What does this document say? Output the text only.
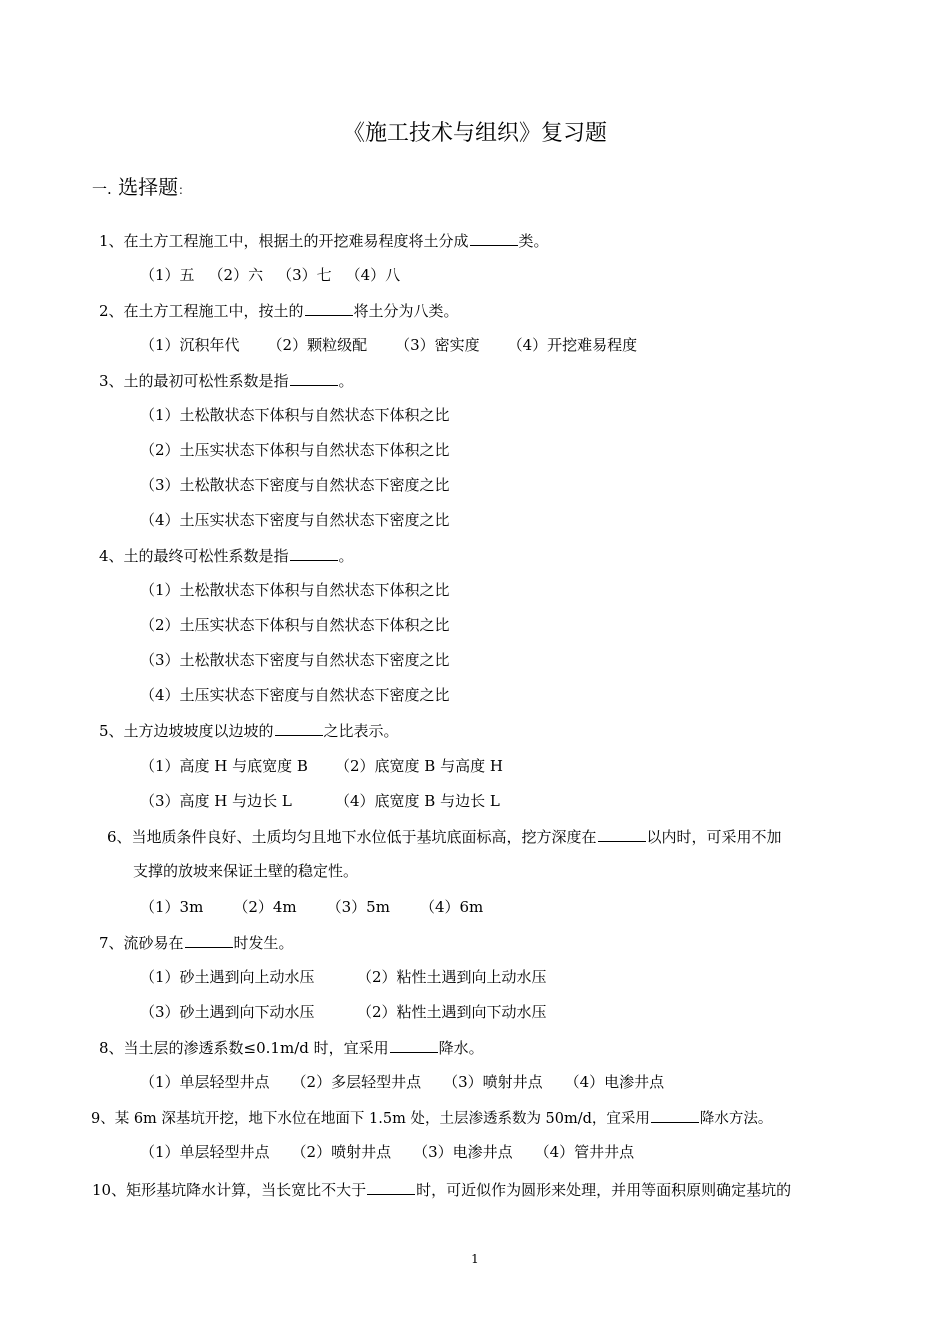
《施工技术与组织》复习题
一. 选择题：
1、在土方工程施工中，根据土的开挖难易程度将土分成	类。
（1）五 （2）六 （3）七 （4）八
2、在土方工程施工中，按土的	将土分为八类。
（1）沉积年代 （2）颗粒级配 （3）密实度 （4）开挖难易程度
3、土的最初可松性系数是指	。
（1）土松散状态下体积与自然状态下体积之比
（2）土压实状态下体积与自然状态下体积之比
（3）土松散状态下密度与自然状态下密度之比
（4）土压实状态下密度与自然状态下密度之比
4、土的最终可松性系数是指	。
（1）土松散状态下体积与自然状态下体积之比
（2）土压实状态下体积与自然状态下体积之比
（3）土松散状态下密度与自然状态下密度之比
（4）土压实状态下密度与自然状态下密度之比
5、土方边坡坡度以边坡的	之比表示。
（1）高度 H 与底宽度 B （2）底宽度 B 与高度 H
（3）高度 H 与边长 L	（4）底宽度 B 与边长 L
6、当地质条件良好、土质均匀且地下水位低于基坑底面标高，挖方深度在	以内时，可采用不加
支撑的放坡来保证土壁的稳定性。
（1）3m （2）4m （3）5m （4）6m
7、流砂易在	时发生。
（1）砂土遇到向上动水压	（2）粘性土遇到向上动水压
（3）砂土遇到向下动水压	（2）粘性土遇到向下动水压
8、当土层的渗透系数≤0.1m/d 时，宜采用	降水。
（1）单层轻型井点 （2）多层轻型井点 （3）喷射井点 （4）电渗井点
9、某 6m 深基坑开挖，地下水位在地面下 1.5m 处，土层渗透系数为 50m/d，宜采用	降水方法。
（1）单层轻型井点 （2）喷射井点 （3）电渗井点 （4）管井井点
10、矩形基坑降水计算，当长宽比不大于	时，可近似作为圆形来处理，并用等面积原则确定基坑的
1
